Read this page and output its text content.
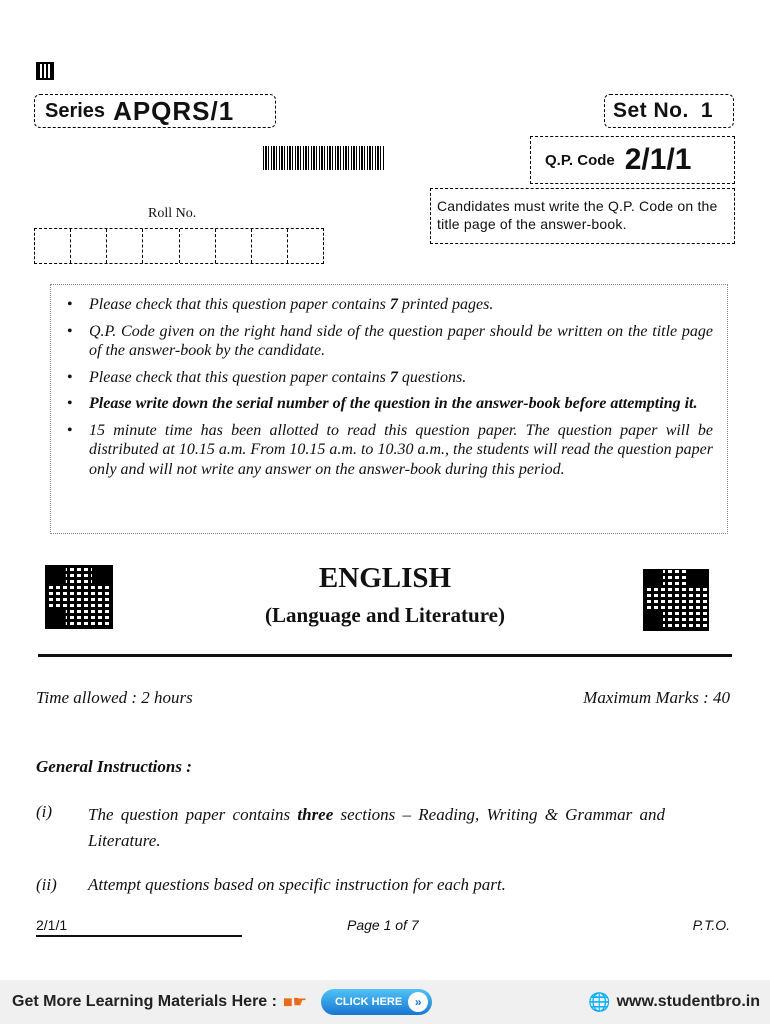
Series APQRS/1	Set No. 1
Q.P. Code 2/1/1
Candidates must write the Q.P. Code on the title page of the answer-book.
Roll No.
• Please check that this question paper contains 7 printed pages.
• Q.P. Code given on the right hand side of the question paper should be written on the title page of the answer-book by the candidate.
• Please check that this question paper contains 7 questions.
• Please write down the serial number of the question in the answer-book before attempting it.
• 15 minute time has been allotted to read this question paper. The question paper will be distributed at 10.15 a.m. From 10.15 a.m. to 10.30 a.m., the students will read the question paper only and will not write any answer on the answer-book during this period.
ENGLISH
(Language and Literature)
Time allowed : 2 hours	Maximum Marks : 40
General Instructions :
(i) The question paper contains three sections – Reading, Writing & Grammar and Literature.
(ii) Attempt questions based on specific instruction for each part.
2/1/1	Page 1 of 7	P.T.O.
Get More Learning Materials Here : ■☛	CLICK HERE	»	🌐 www.studentbro.in
